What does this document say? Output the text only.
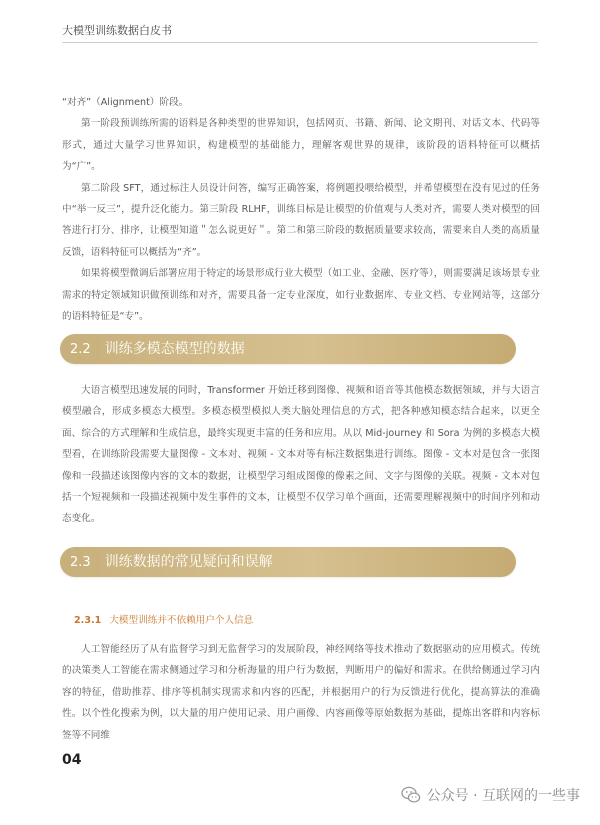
大模型训练数据白皮书

“对齐”（Alignment）阶段。

第一阶段预训练所需的语料是各种类型的世界知识，包括网页、书籍、新闻、论文期刊、对话文本、代码等形式，通过大量学习世界知识，构建模型的基础能力，理解客观世界的规律，该阶段的语料特征可以概括为“广”。

第二阶段 SFT，通过标注人员设计问答，编写正确答案，将例题投喂给模型，并希望模型在没有见过的任务中“举一反三”，提升泛化能力。第三阶段 RLHF，训练目标是让模型的价值观与人类对齐，需要人类对模型的回答进行打分、排序，让模型知道＂怎么说更好＂。第二和第三阶段的数据质量要求较高，需要来自人类的高质量反馈，语料特征可以概括为“齐”。

如果将模型微调后部署应用于特定的场景形成行业大模型（如工业、金融、医疗等），则需要满足该场景专业需求的特定领域知识做预训练和对齐，需要具备一定专业深度，如行业数据库、专业文档、专业网站等，这部分的语料特征是“专”。

2.2 训练多模态模型的数据

大语言模型迅速发展的同时，Transformer 开始迁移到图像、视频和语音等其他模态数据领域，并与大语言模型融合，形成多模态大模型。多模态模型模拟人类大脑处理信息的方式，把各种感知模态结合起来，以更全面、综合的方式理解和生成信息，最终实现更丰富的任务和应用。从以 Mid-journey 和 Sora 为例的多模态大模型看，在训练阶段需要大量图像 - 文本对、视频 - 文本对等有标注数据集进行训练。图像 - 文本对是包含一张图像和一段描述该图像内容的文本的数据，让模型学习组成图像的像素之间、文字与图像的关联。视频 - 文本对包括一个短视频和一段描述视频中发生事件的文本，让模型不仅学习单个画面，还需要理解视频中的时间序列和动态变化。

2.3 训练数据的常见疑问和误解
2.3.1 大模型训练并不依赖用户个人信息

人工智能经历了从有监督学习到无监督学习的发展阶段，神经网络等技术推动了数据驱动的应用模式。传统的决策类人工智能在需求侧通过学习和分析海量的用户行为数据，判断用户的偏好和需求。在供给侧通过学习内容的特征，借助推荐、排序等机制实现需求和内容的匹配，并根据用户的行为反馈进行优化，提高算法的准确性。以个性化搜索为例，以大量的用户使用记录、用户画像、内容画像等原始数据为基础，提炼出客群和内容标签等不同维

04
公众号 · 互联网的一些事
